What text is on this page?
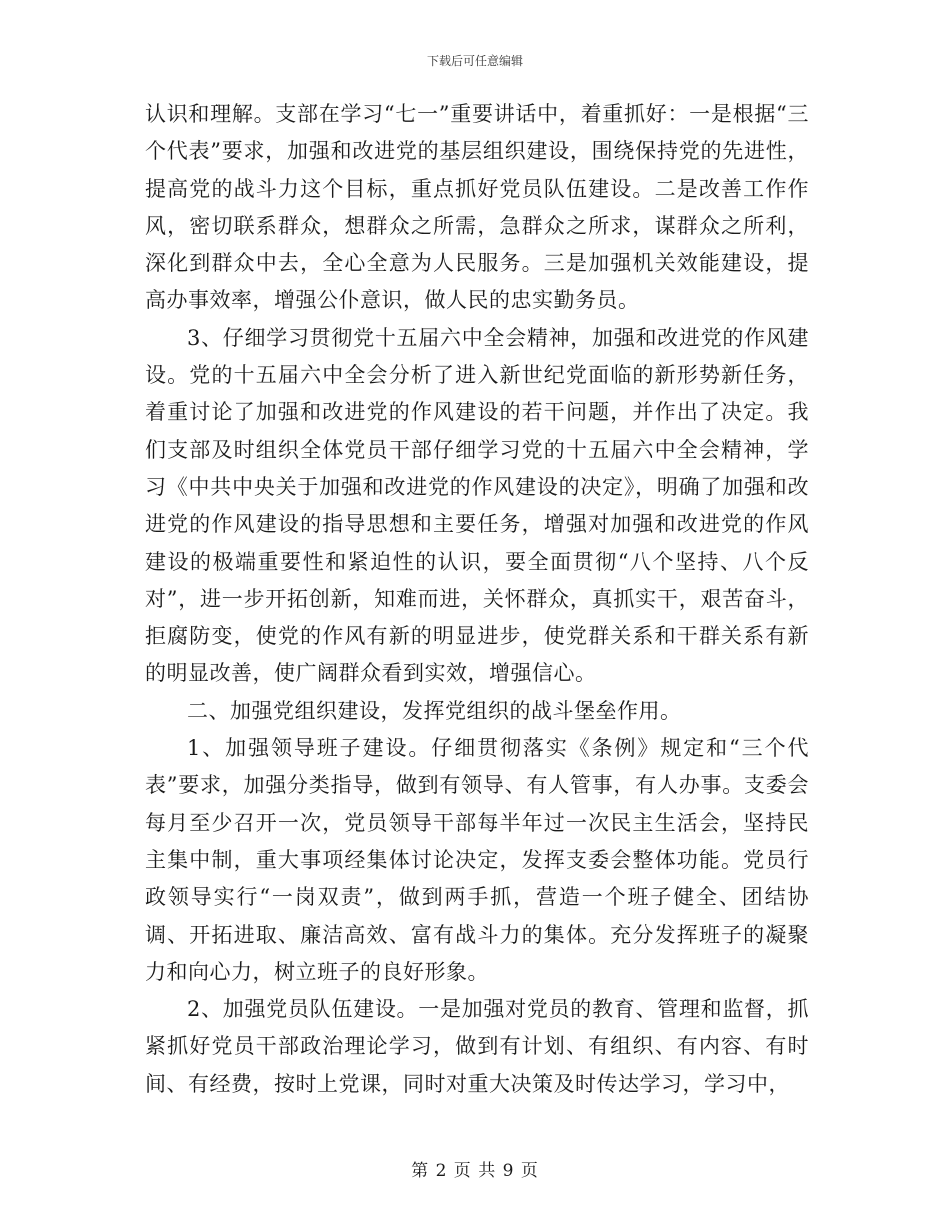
下载后可任意编辑

认识和理解。支部在学习“七一”重要讲话中，着重抓好：一是根据“三个代表”要求，加强和改进党的基层组织建设，围绕保持党的先进性，提高党的战斗力这个目标，重点抓好党员队伍建设。二是改善工作作风，密切联系群众，想群众之所需，急群众之所求，谋群众之所利，深化到群众中去，全心全意为人民服务。三是加强机关效能建设，提高办事效率，增强公仆意识，做人民的忠实勤务员。

3、仔细学习贯彻党十五届六中全会精神，加强和改进党的作风建设。党的十五届六中全会分析了进入新世纪党面临的新形势新任务，着重讨论了加强和改进党的作风建设的若干问题，并作出了决定。我们支部及时组织全体党员干部仔细学习党的十五届六中全会精神，学习《中共中央关于加强和改进党的作风建设的决定》，明确了加强和改进党的作风建设的指导思想和主要任务，增强对加强和改进党的作风建设的极端重要性和紧迫性的认识，要全面贯彻“八个坚持、八个反对”，进一步开拓创新，知难而进，关怀群众，真抓实干，艰苦奋斗，拒腐防变，使党的作风有新的明显进步，使党群关系和干群关系有新的明显改善，使广阔群众看到实效，增强信心。

二、加强党组织建设，发挥党组织的战斗堡垒作用。

1、加强领导班子建设。仔细贯彻落实《条例》规定和“三个代表”要求，加强分类指导，做到有领导、有人管事，有人办事。支委会每月至少召开一次，党员领导干部每半年过一次民主生活会，坚持民主集中制，重大事项经集体讨论决定，发挥支委会整体功能。党员行政领导实行“一岗双责”，做到两手抓，营造一个班子健全、团结协调、开拓进取、廉洁高效、富有战斗力的集体。充分发挥班子的凝聚力和向心力，树立班子的良好形象。

2、加强党员队伍建设。一是加强对党员的教育、管理和监督，抓紧抓好党员干部政治理论学习，做到有计划、有组织、有内容、有时间、有经费，按时上党课，同时对重大决策及时传达学习，学习中，

第 2 页 共 9 页
